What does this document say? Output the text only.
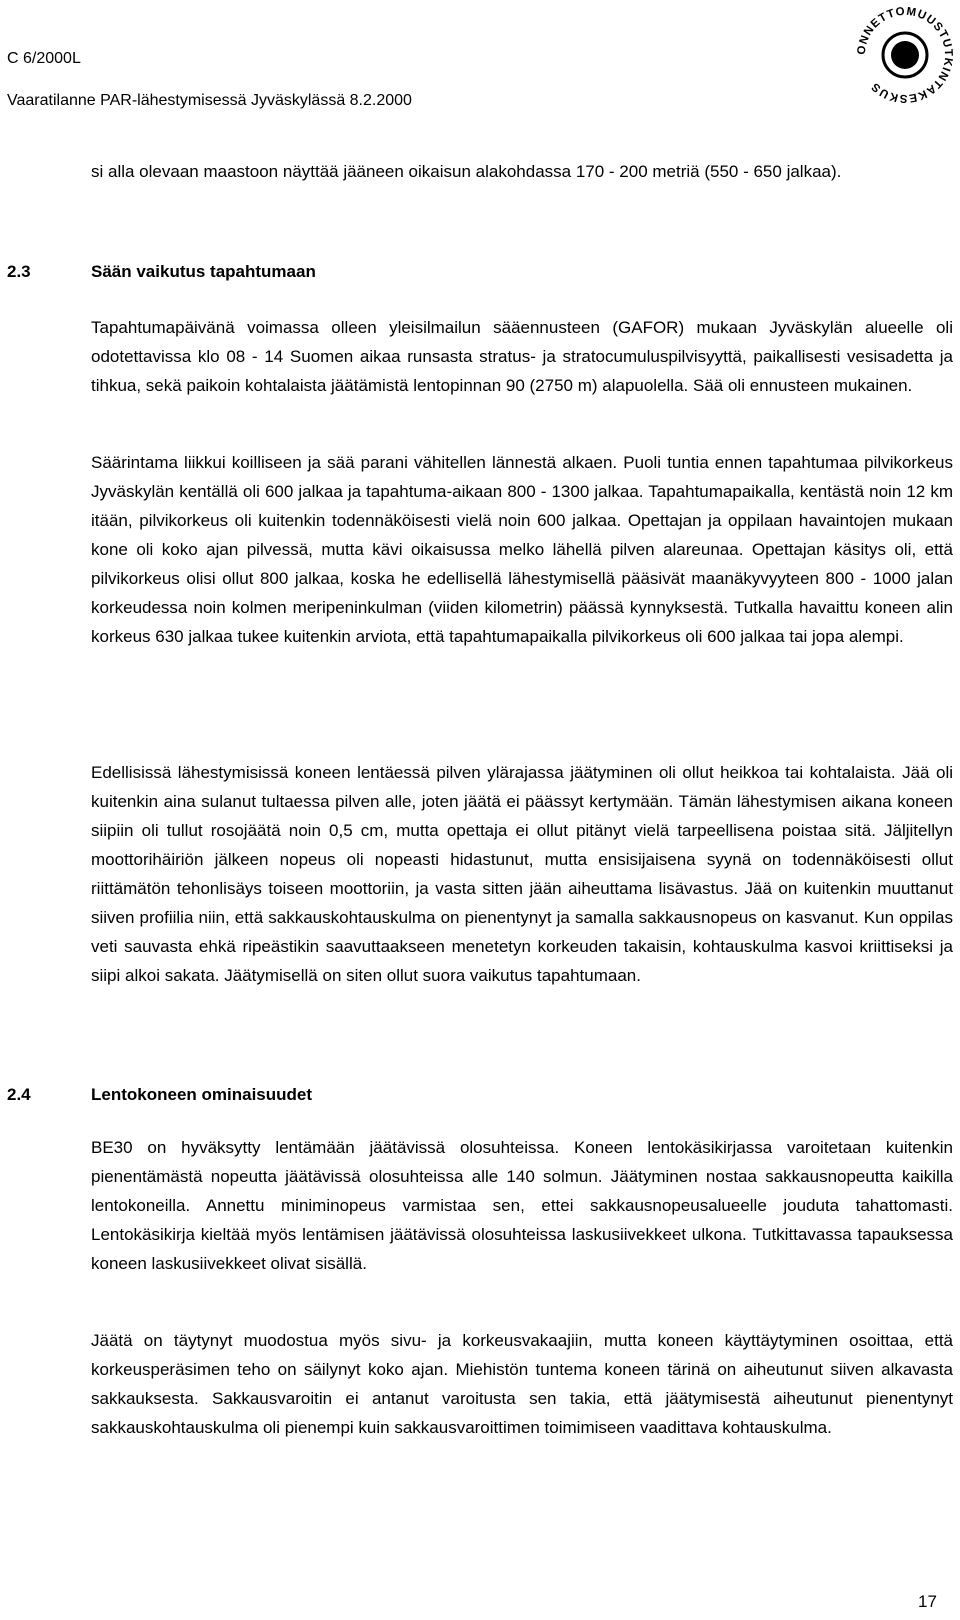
C 6/2000L
Vaaratilanne PAR-lähestymisessä Jyväskylässä 8.2.2000
ONNETTOMUUSTUTKINTAKESKUS

si alla olevaan maastoon näyttää jääneen oikaisun alakohdassa 170 - 200 metriä (550 - 650 jalkaa).

2.3	Sään vaikutus tapahtumaan

Tapahtumapäivänä voimassa olleen yleisilmailun sääennusteen (GAFOR) mukaan Jyväskylän alueelle oli odotettavissa klo 08 - 14 Suomen aikaa runsasta stratus- ja stratocumuluspilvisyyttä, paikallisesti vesisadetta ja tihkua, sekä paikoin kohtalaista jäätämistä lentopinnan 90 (2750 m) alapuolella. Sää oli ennusteen mukainen.

Säärintama liikkui koilliseen ja sää parani vähitellen lännestä alkaen. Puoli tuntia ennen tapahtumaa pilvikorkeus Jyväskylän kentällä oli 600 jalkaa ja tapahtuma-aikaan 800 - 1300 jalkaa. Tapahtumapaikalla, kentästä noin 12 km itään, pilvikorkeus oli kuitenkin todennäköisesti vielä noin 600 jalkaa. Opettajan ja oppilaan havaintojen mukaan kone oli koko ajan pilvessä, mutta kävi oikaisussa melko lähellä pilven alareunaa. Opettajan käsitys oli, että pilvikorkeus olisi ollut 800 jalkaa, koska he edellisellä lähestymisellä pääsivät maanäkyvyyteen 800 - 1000 jalan korkeudessa noin kolmen meripeninkulman (viiden kilometrin) päässä kynnyksestä. Tutkalla havaittu koneen alin korkeus 630 jalkaa tukee kuitenkin arviota, että tapahtumapaikalla pilvikorkeus oli 600 jalkaa tai jopa alempi.

Edellisissä lähestymisissä koneen lentäessä pilven ylärajassa jäätyminen oli ollut heikkoa tai kohtalaista. Jää oli kuitenkin aina sulanut tultaessa pilven alle, joten jäätä ei päässyt kertymään. Tämän lähestymisen aikana koneen siipiin oli tullut rosojäätä noin 0,5 cm, mutta opettaja ei ollut pitänyt vielä tarpeellisena poistaa sitä. Jäljitellyn moottorihäiriön jälkeen nopeus oli nopeasti hidastunut, mutta ensisijaisena syynä on todennäköisesti ollut riittämätön tehonlisäys toiseen moottoriin, ja vasta sitten jään aiheuttama lisävastus. Jää on kuitenkin muuttanut siiven profiilia niin, että sakkauskohtauskulma on pienentynyt ja samalla sakkausnopeus on kasvanut. Kun oppilas veti sauvasta ehkä ripeästikin saavuttaakseen menetetyn korkeuden takaisin, kohtauskulma kasvoi kriittiseksi ja siipi alkoi sakata. Jäätymisellä on siten ollut suora vaikutus tapahtumaan.

2.4	Lentokoneen ominaisuudet

BE30 on hyväksytty lentämään jäätävissä olosuhteissa. Koneen lentokäsikirjassa varoitetaan kuitenkin pienentämästä nopeutta jäätävissä olosuhteissa alle 140 solmun. Jäätyminen nostaa sakkausnopeutta kaikilla lentokoneilla. Annettu miniminopeus varmistaa sen, ettei sakkausnopeusalueelle jouduta tahattomasti. Lentokäsikirja kieltää myös lentämisen jäätävissä olosuhteissa laskusiivekkeet ulkona. Tutkittavassa tapauksessa koneen laskusiivekkeet olivat sisällä.

Jäätä on täytynyt muodostua myös sivu- ja korkeusvakaajiin, mutta koneen käyttäytyminen osoittaa, että korkeusperäsimen teho on säilynyt koko ajan. Miehistön tuntema koneen tärinä on aiheutunut siiven alkavasta sakkauksesta. Sakkausvaroitin ei antanut varoitusta sen takia, että jäätymisestä aiheutunut pienentynyt sakkauskohtauskulma oli pienempi kuin sakkausvaroittimen toimimiseen vaadittava kohtauskulma.

17
